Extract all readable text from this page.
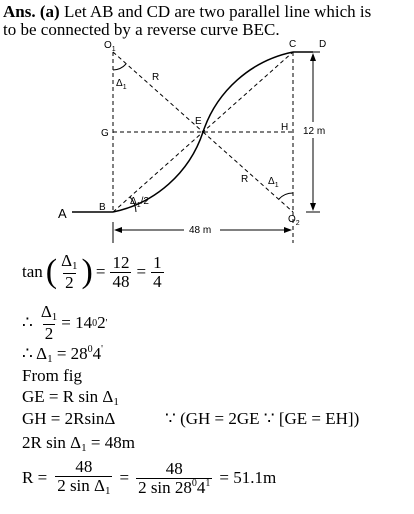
Ans. (a) Let AB and CD are two parallel line which is
to be connected by a reverse curve BEC.
$O_1$	C D
R
$\Delta_1$
G
E
H 12 m
R $\Delta_1$
A	B
$\Delta_1/2$
$O_2$
48 m
tan ( $\frac{\Delta_1}{2}$ ) = $\frac{12}{48} = \frac{1}{4}$
∴ $\frac{\Delta_1}{2} = 14$ 0 2 '
∴ $\Delta_1 = 28^04'$
From fig
GE = R $\sin \Delta_1$
GH = 2RsinΔ	∵ (GH = 2GE ∵ [GE = EH])
2R $\sin \Delta_1 = 48m$
$R = \frac{48}{2 \sin \Delta_1} = \frac{48}{2 \sin 28^04^1} = 51.1m$
